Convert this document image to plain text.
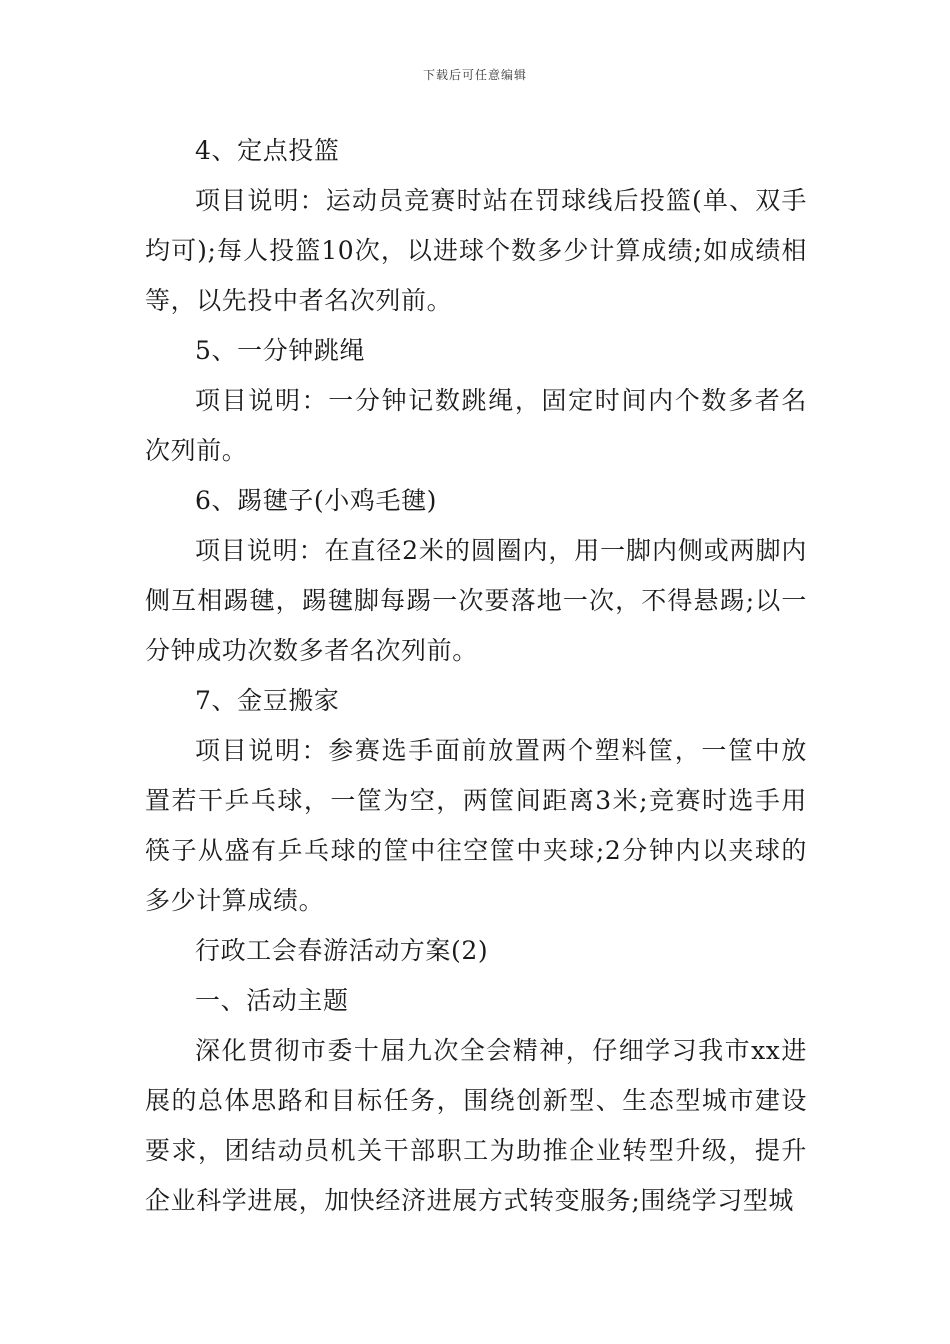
下载后可任意编辑

4、定点投篮

项目说明：运动员竞赛时站在罚球线后投篮(单、双手均可);每人投篮10次，以进球个数多少计算成绩;如成绩相等，以先投中者名次列前。

5、一分钟跳绳

项目说明：一分钟记数跳绳，固定时间内个数多者名次列前。

6、踢毽子(小鸡毛毽)

项目说明：在直径2米的圆圈内，用一脚内侧或两脚内侧互相踢毽，踢毽脚每踢一次要落地一次，不得悬踢;以一分钟成功次数多者名次列前。

7、金豆搬家

项目说明：参赛选手面前放置两个塑料筐，一筐中放置若干乒乓球，一筐为空，两筐间距离3米;竞赛时选手用筷子从盛有乒乓球的筐中往空筐中夹球;2分钟内以夹球的多少计算成绩。

行政工会春游活动方案(2)

一、活动主题

深化贯彻市委十届九次全会精神，仔细学习我市xx进展的总体思路和目标任务，围绕创新型、生态型城市建设要求，团结动员机关干部职工为助推企业转型升级，提升企业科学进展，加快经济进展方式转变服务;围绕学习型城
